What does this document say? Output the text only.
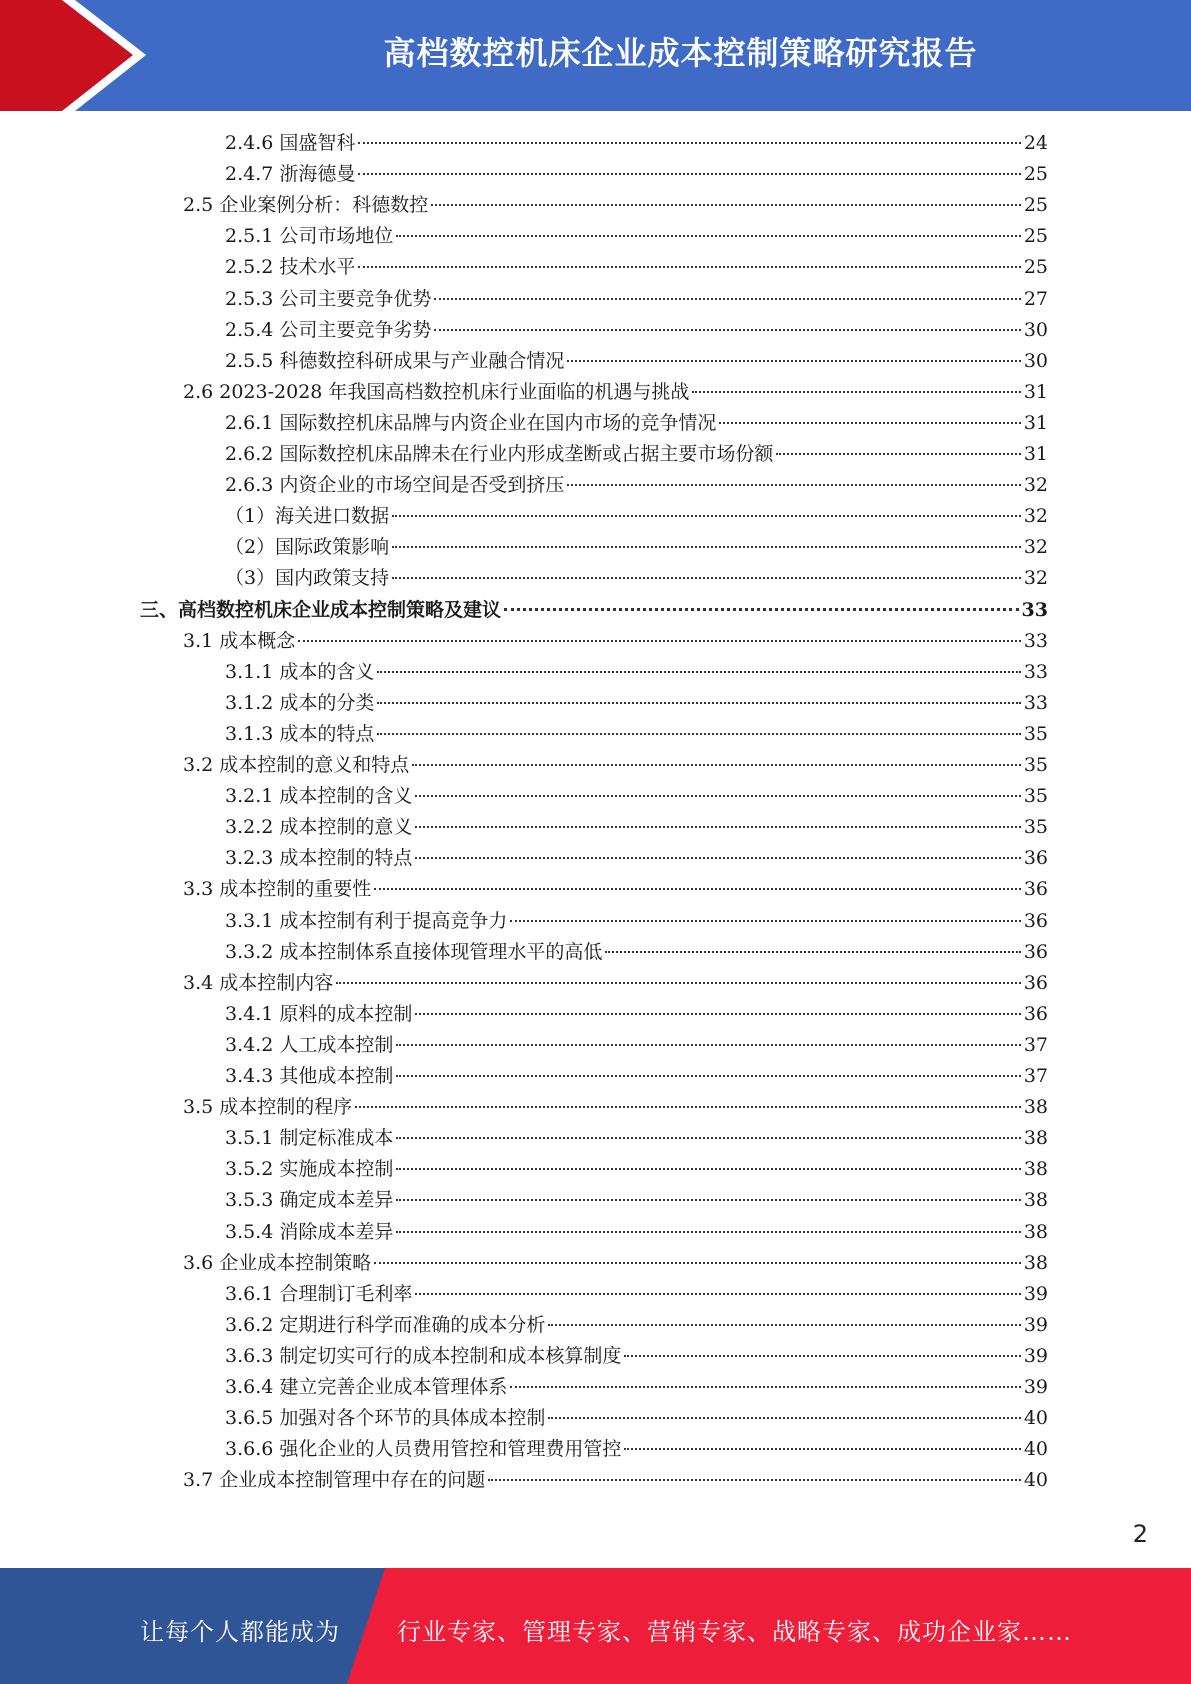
高档数控机床企业成本控制策略研究报告
2.4.6 国盛智科	24
2.4.7 浙海德曼	25
2.5 企业案例分析：科德数控	25
2.5.1 公司市场地位	25
2.5.2 技术水平	25
2.5.3 公司主要竞争优势	27
2.5.4 公司主要竞争劣势	30
2.5.5 科德数控科研成果与产业融合情况	30
2.6 2023-2028 年我国高档数控机床行业面临的机遇与挑战	31
2.6.1 国际数控机床品牌与内资企业在国内市场的竞争情况	31
2.6.2 国际数控机床品牌未在行业内形成垄断或占据主要市场份额	31
2.6.3 内资企业的市场空间是否受到挤压	32
（1）海关进口数据	32
（2）国际政策影响	32
（3）国内政策支持	32
三、高档数控机床企业成本控制策略及建议	33
3.1 成本概念	33
3.1.1 成本的含义	33
3.1.2 成本的分类	33
3.1.3 成本的特点	35
3.2 成本控制的意义和特点	35
3.2.1 成本控制的含义	35
3.2.2 成本控制的意义	35
3.2.3 成本控制的特点	36
3.3 成本控制的重要性	36
3.3.1 成本控制有利于提高竞争力	36
3.3.2 成本控制体系直接体现管理水平的高低	36
3.4 成本控制内容	36
3.4.1 原料的成本控制	36
3.4.2 人工成本控制	37
3.4.3 其他成本控制	37
3.5 成本控制的程序	38
3.5.1 制定标准成本	38
3.5.2 实施成本控制	38
3.5.3 确定成本差异	38
3.5.4 消除成本差异	38
3.6 企业成本控制策略	38
3.6.1 合理制订毛利率	39
3.6.2 定期进行科学而准确的成本分析	39
3.6.3 制定切实可行的成本控制和成本核算制度	39
3.6.4 建立完善企业成本管理体系	39
3.6.5 加强对各个环节的具体成本控制	40
3.6.6 强化企业的人员费用管控和管理费用管控	40
3.7 企业成本控制管理中存在的问题	40
2
让每个人都能成为 行业专家、管理专家、营销专家、战略专家、成功企业家……
